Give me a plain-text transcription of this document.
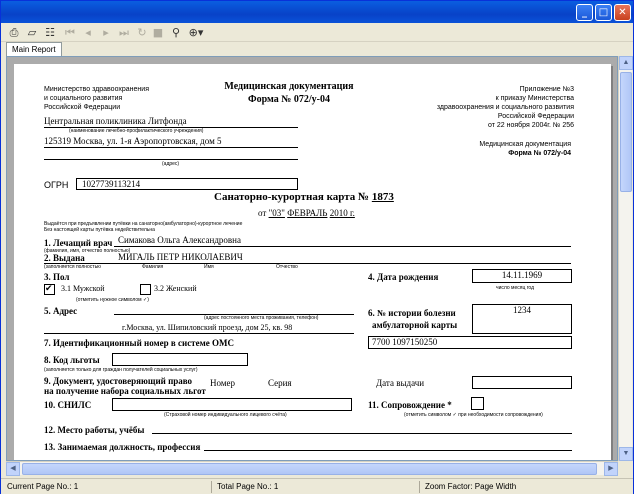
_	□	✕
⎙ ▱ ☷ ⏮ ◂	▸ ⏭ ↻ ■ ⚲ ⊕▾
Main Report
Министерство здравоохранения
и социального развития
Российской Федерации
Медицинская документация
Форма № 072/у-04
Приложение №3
к приказу Министерства
здравоохранения и социального развития
Российской Федерации
от 22 ноября 2004г. № 256
Медицинская документация
Форма № 072/у-04
Центральная поликлиника Литфонда
(наименование лечебно-профилактического учреждения)
125319 Москва, ул. 1-я Аэропортовская, дом 5
(адрес)
ОГРН 1027739113214
Санаторно-курортная карта № 1873
от "03" ФЕВРАЛЬ 2010 г.
Выдаётся при предъявлении путёвки на санаторно(амбулаторно)-курортное лечение
Без настоящей карты путёвка недействительна
1. Лечащий врач
(фамилия, имя, отчество полностью)
Симакова Ольга Александровна
2. Выдана	МИГАЛЬ ПЕТР НИКОЛАЕВИЧ
(заполняется полностью	Фамилия	Имя	Отчество
3. Пол
✔ 3.1 Мужской	3.2 Женский
(отметить нужное символом ✓)
4. Дата рождения	14.11.1969
число месяц год
5. Адрес
(адрес постоянного места проживания, телефон)
г.Москва, ул. Шипиловский проезд, дом 25, кв. 98
6. № истории болезни
амбулаторной карты
1234
7. Идентификационный номер в системе ОМС	7700 1097150250
8. Код льготы
(заполняется только для граждан получателей социальных услуг)
9. Документ, удостоверяющий право
на получение набора социальных льгот
Номер	Серия	Дата выдачи
10. СНИЛС
(Страховой номер индивидуального лицевого счёта)
11. Сопровождение *
(отметить символом ✓ при необходимости сопровождения)
12. Место работы, учёбы
13. Занимаемая должность, профессия
▲
▼
◀	▶
Current Page No.: 1	Total Page No.: 1	Zoom Factor: Page Width
